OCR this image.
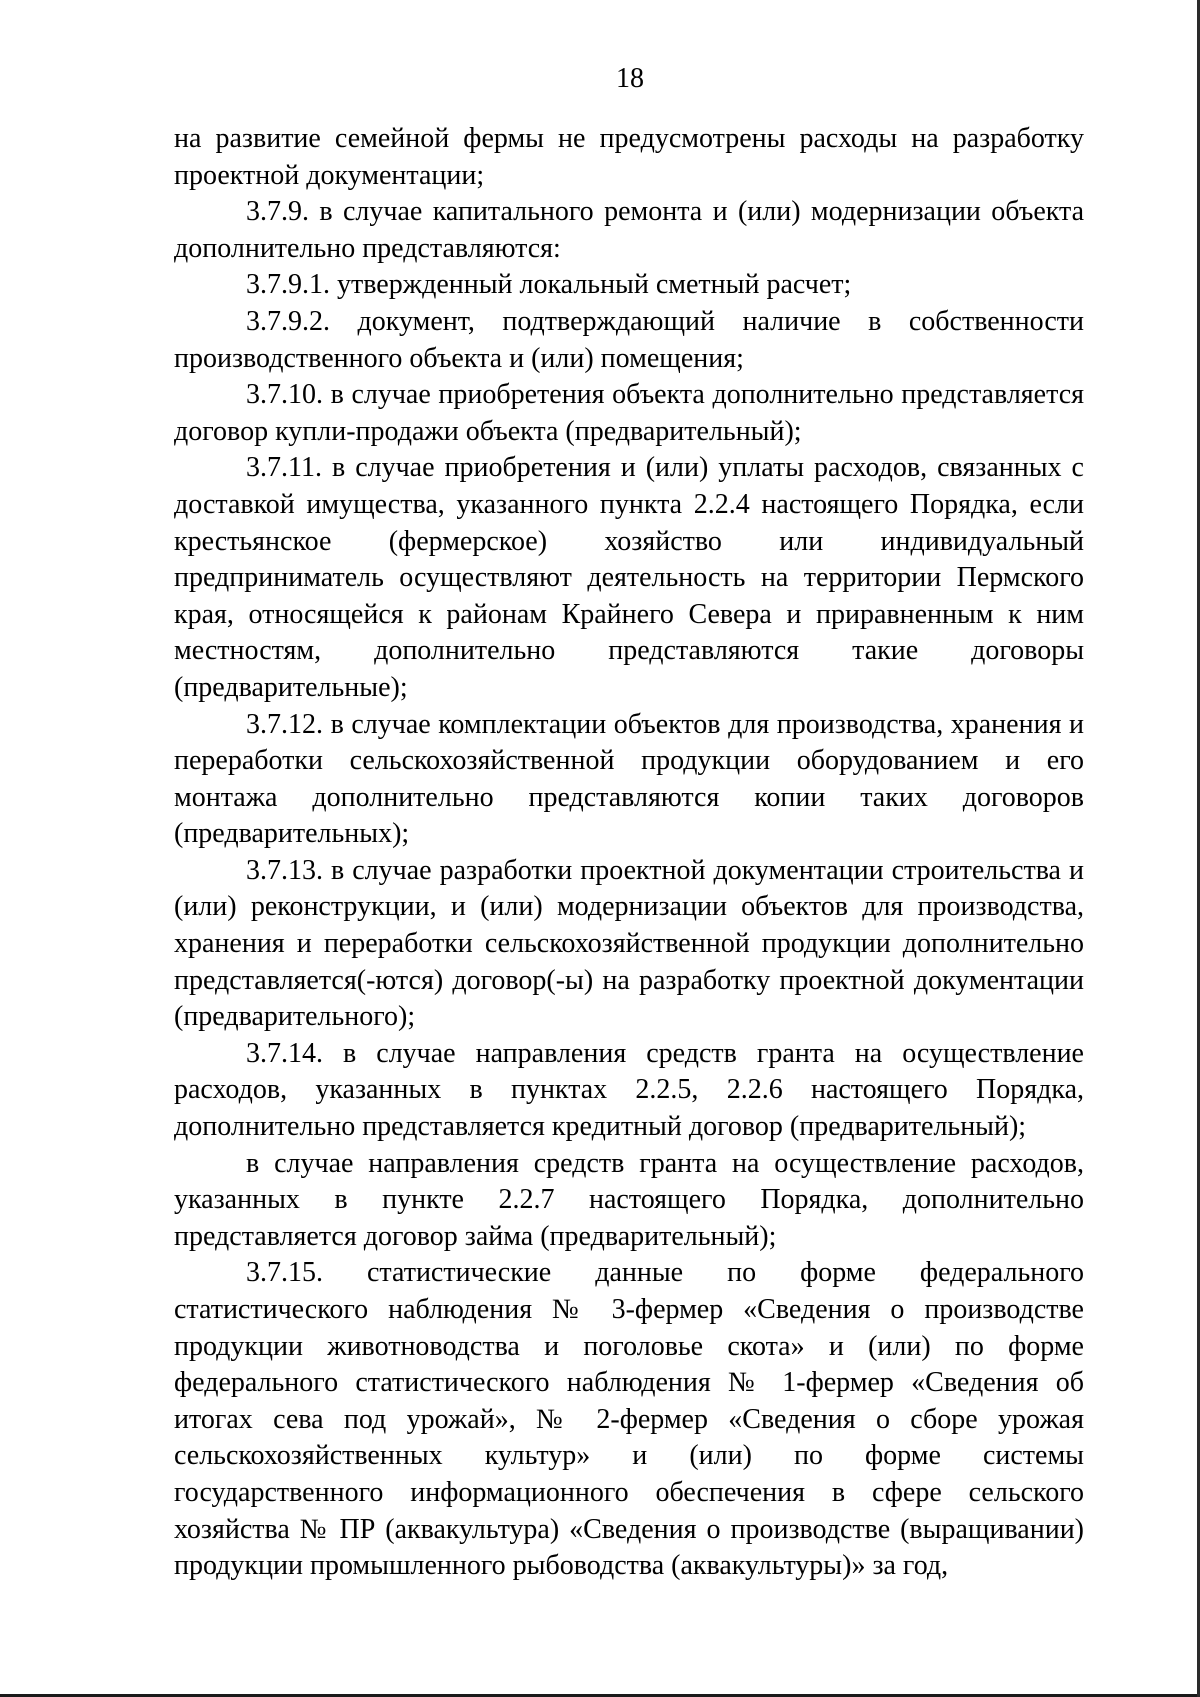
18

на развитие семейной фермы не предусмотрены расходы на разработку проектной документации;

3.7.9. в случае капитального ремонта и (или) модернизации объекта дополнительно представляются:

3.7.9.1. утвержденный локальный сметный расчет;

3.7.9.2. документ, подтверждающий наличие в собственности производственного объекта и (или) помещения;

3.7.10. в случае приобретения объекта дополнительно представляется договор купли-продажи объекта (предварительный);

3.7.11. в случае приобретения и (или) уплаты расходов, связанных с доставкой имущества, указанного пункта 2.2.4 настоящего Порядка, если крестьянское (фермерское) хозяйство или индивидуальный предприниматель осуществляют деятельность на территории Пермского края, относящейся к районам Крайнего Севера и приравненным к ним местностям, дополнительно представляются такие договоры (предварительные);

3.7.12. в случае комплектации объектов для производства, хранения и переработки сельскохозяйственной продукции оборудованием и его монтажа дополнительно представляются копии таких договоров (предварительных);

3.7.13. в случае разработки проектной документации строительства и (или) реконструкции, и (или) модернизации объектов для производства, хранения и переработки сельскохозяйственной продукции дополнительно представляется(-ются) договор(-ы) на разработку проектной документации (предварительного);

3.7.14. в случае направления средств гранта на осуществление расходов, указанных в пунктах 2.2.5, 2.2.6 настоящего Порядка, дополнительно представляется кредитный договор (предварительный);

в случае направления средств гранта на осуществление расходов, указанных в пункте 2.2.7 настоящего Порядка, дополнительно представляется договор займа (предварительный);

3.7.15. статистические данные по форме федерального статистического наблюдения № 3-фермер «Сведения о производстве продукции животноводства и поголовье скота» и (или) по форме федерального статистического наблюдения № 1-фермер «Сведения об итогах сева под урожай», № 2-фермер «Сведения о сборе урожая сельскохозяйственных культур» и (или) по форме системы государственного информационного обеспечения в сфере сельского хозяйства № ПР (аквакультура) «Сведения о производстве (выращивании) продукции промышленного рыбоводства (аквакультуры)» за год,
